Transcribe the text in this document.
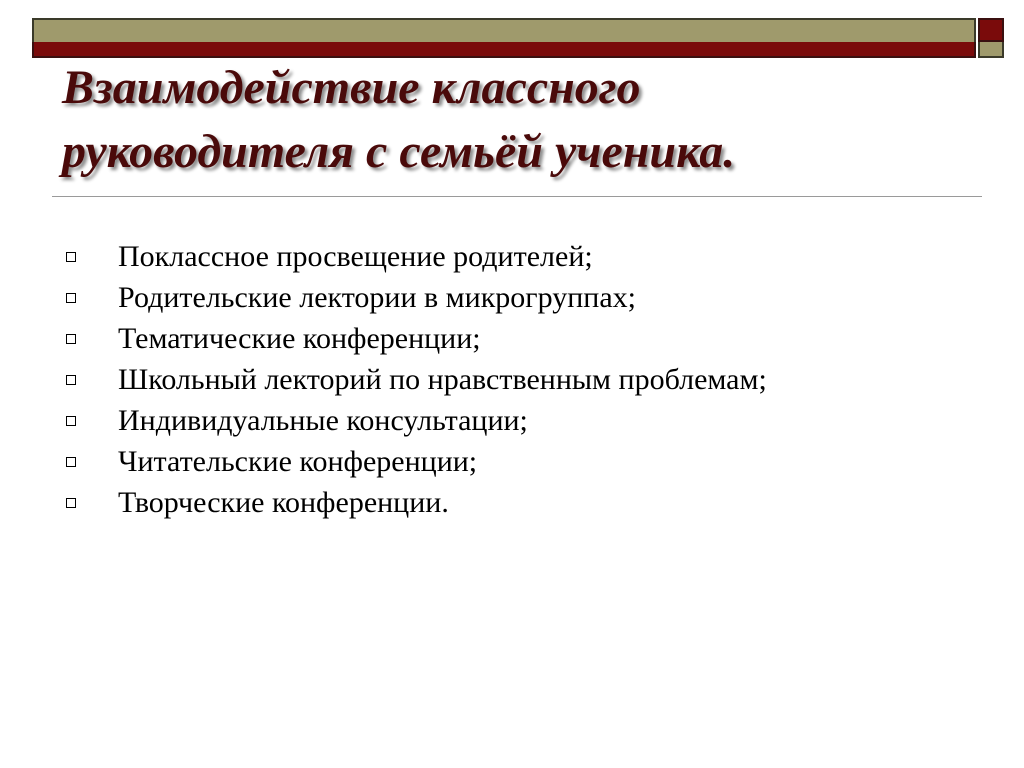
Взаимодействие классного
руководителя с семьёй ученика.
Поклассное просвещение родителей;
Родительские лектории в микрогруппах;
Тематические конференции;
Школьный лекторий по нравственным проблемам;
Индивидуальные консультации;
Читательские конференции;
Творческие конференции.
